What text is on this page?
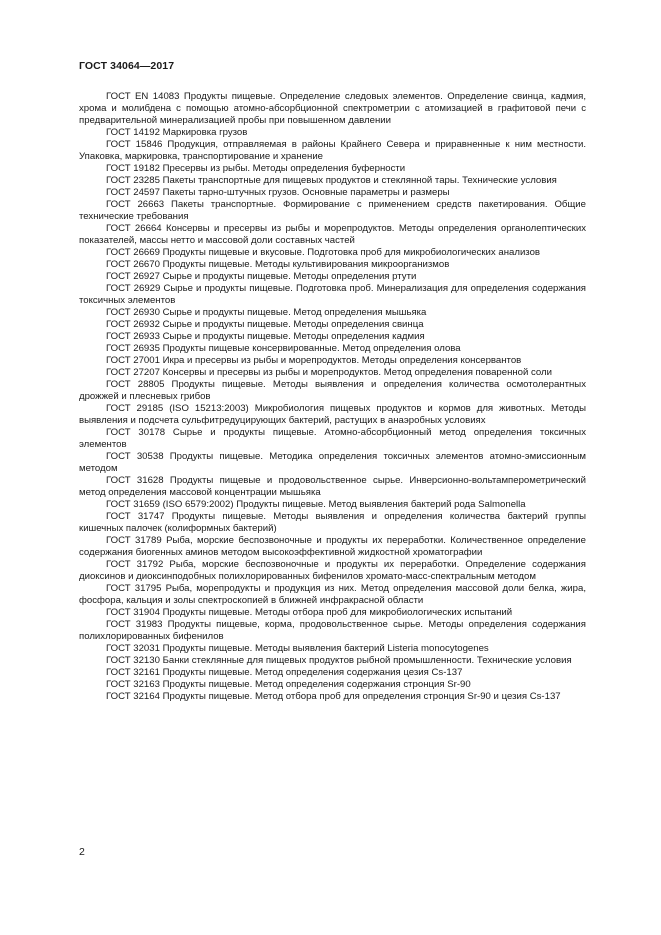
ГОСТ 34064—2017

ГОСТ EN 14083 Продукты пищевые. Определение следовых элементов. Определение свинца, кадмия, хрома и молибдена с помощью атомно-абсорбционной спектрометрии с атомизацией в графитовой печи с предварительной минерализацией пробы при повышенном давлении

ГОСТ 14192 Маркировка грузов

ГОСТ 15846 Продукция, отправляемая в районы Крайнего Севера и приравненные к ним местности. Упаковка, маркировка, транспортирование и хранение

ГОСТ 19182 Пресервы из рыбы. Методы определения буферности

ГОСТ 23285 Пакеты транспортные для пищевых продуктов и стеклянной тары. Технические условия

ГОСТ 24597 Пакеты тарно-штучных грузов. Основные параметры и размеры

ГОСТ 26663 Пакеты транспортные. Формирование с применением средств пакетирования. Общие технические требования

ГОСТ 26664 Консервы и пресервы из рыбы и морепродуктов. Методы определения органолептических показателей, массы нетто и массовой доли составных частей

ГОСТ 26669 Продукты пищевые и вкусовые. Подготовка проб для микробиологических анализов

ГОСТ 26670 Продукты пищевые. Методы культивирования микроорганизмов

ГОСТ 26927 Сырье и продукты пищевые. Методы определения ртути

ГОСТ 26929 Сырье и продукты пищевые. Подготовка проб. Минерализация для определения содержания токсичных элементов

ГОСТ 26930 Сырье и продукты пищевые. Метод определения мышьяка

ГОСТ 26932 Сырье и продукты пищевые. Методы определения свинца

ГОСТ 26933 Сырье и продукты пищевые. Методы определения кадмия

ГОСТ 26935 Продукты пищевые консервированные. Метод определения олова

ГОСТ 27001 Икра и пресервы из рыбы и морепродуктов. Методы определения консервантов

ГОСТ 27207 Консервы и пресервы из рыбы и морепродуктов. Метод определения поваренной соли

ГОСТ 28805 Продукты пищевые. Методы выявления и определения количества осмотолерантных дрожжей и плесневых грибов

ГОСТ 29185 (ISO 15213:2003) Микробиология пищевых продуктов и кормов для животных. Методы выявления и подсчета сульфитредуцирующих бактерий, растущих в анаэробных условиях

ГОСТ 30178 Сырье и продукты пищевые. Атомно-абсорбционный метод определения токсичных элементов

ГОСТ 30538 Продукты пищевые. Методика определения токсичных элементов атомно-эмиссионным методом

ГОСТ 31628 Продукты пищевые и продовольственное сырье. Инверсионно-вольтамперометрический метод определения массовой концентрации мышьяка

ГОСТ 31659 (ISO 6579:2002) Продукты пищевые. Метод выявления бактерий рода Salmonella

ГОСТ 31747 Продукты пищевые. Методы выявления и определения количества бактерий группы кишечных палочек (колиформных бактерий)

ГОСТ 31789 Рыба, морские беспозвоночные и продукты их переработки. Количественное определение содержания биогенных аминов методом высокоэффективной жидкостной хроматографии

ГОСТ 31792 Рыба, морские беспозвоночные и продукты их переработки. Определение содержания диоксинов и диоксинподобных полихлорированных бифенилов хромато-масс-спектральным методом

ГОСТ 31795 Рыба, морепродукты и продукция из них. Метод определения массовой доли белка, жира, фосфора, кальция и золы спектроскопией в ближней инфракрасной области

ГОСТ 31904 Продукты пищевые. Методы отбора проб для микробиологических испытаний

ГОСТ 31983 Продукты пищевые, корма, продовольственное сырье. Методы определения содержания полихлорированных бифенилов

ГОСТ 32031 Продукты пищевые. Методы выявления бактерий Listeria monocytogenes

ГОСТ 32130 Банки стеклянные для пищевых продуктов рыбной промышленности. Технические условия

ГОСТ 32161 Продукты пищевые. Метод определения содержания цезия Cs-137

ГОСТ 32163 Продукты пищевые. Метод определения содержания стронция Sr-90

ГОСТ 32164 Продукты пищевые. Метод отбора проб для определения стронция Sr-90 и цезия Cs-137

2
